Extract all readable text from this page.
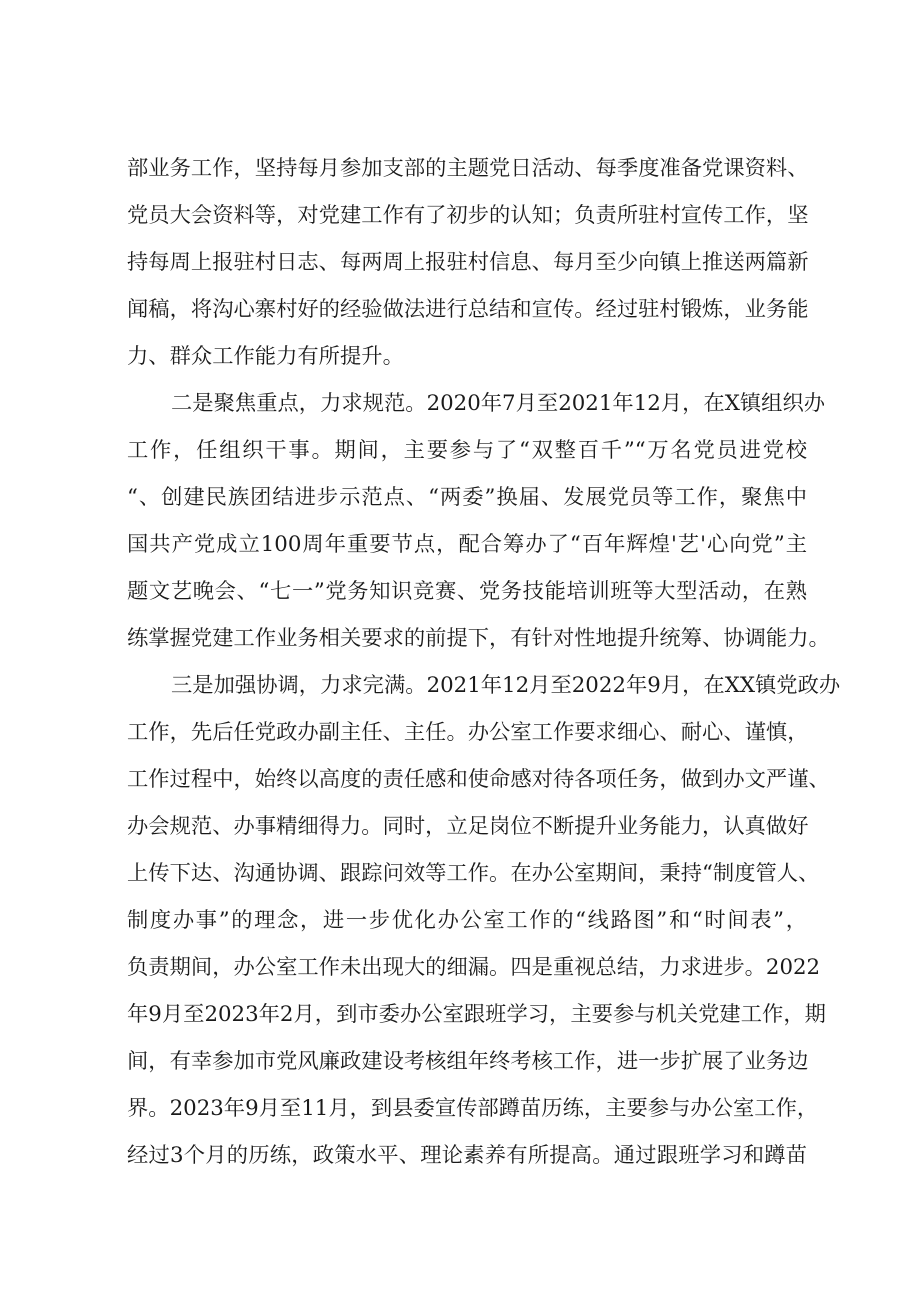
部业务工作，坚持每月参加支部的主题党日活动、每季度准备党课资料、
党员大会资料等，对党建工作有了初步的认知；负责所驻村宣传工作，坚
持每周上报驻村日志、每两周上报驻村信息、每月至少向镇上推送两篇新
闻稿，将沟心寨村好的经验做法进行总结和宣传。经过驻村锻炼，业务能
力、群众工作能力有所提升。
二是聚焦重点，力求规范。2020年7月至2021年12月，在X镇组织办
工作，任组织干事。期间，主要参与了“双整百千”“万名党员进党校
“、创建民族团结进步示范点、“两委”换届、发展党员等工作，聚焦中
国共产党成立100周年重要节点，配合筹办了“百年辉煌'艺'心向党”主
题文艺晚会、“七一”党务知识竞赛、党务技能培训班等大型活动，在熟
练掌握党建工作业务相关要求的前提下，有针对性地提升统筹、协调能力。
三是加强协调，力求完满。2021年12月至2022年9月，在XX镇党政办
工作，先后任党政办副主任、主任。办公室工作要求细心、耐心、谨慎，
工作过程中，始终以高度的责任感和使命感对待各项任务，做到办文严谨、
办会规范、办事精细得力。同时，立足岗位不断提升业务能力，认真做好
上传下达、沟通协调、跟踪问效等工作。在办公室期间，秉持“制度管人、
制度办事”的理念，进一步优化办公室工作的“线路图”和“时间表”，
负责期间，办公室工作未出现大的细漏。四是重视总结，力求进步。2022
年9月至2023年2月，到市委办公室跟班学习，主要参与机关党建工作，期
间，有幸参加市党风廉政建设考核组年终考核工作，进一步扩展了业务边
界。2023年9月至11月，到县委宣传部蹲苗历练，主要参与办公室工作，
经过3个月的历练，政策水平、理论素养有所提高。通过跟班学习和蹲苗
